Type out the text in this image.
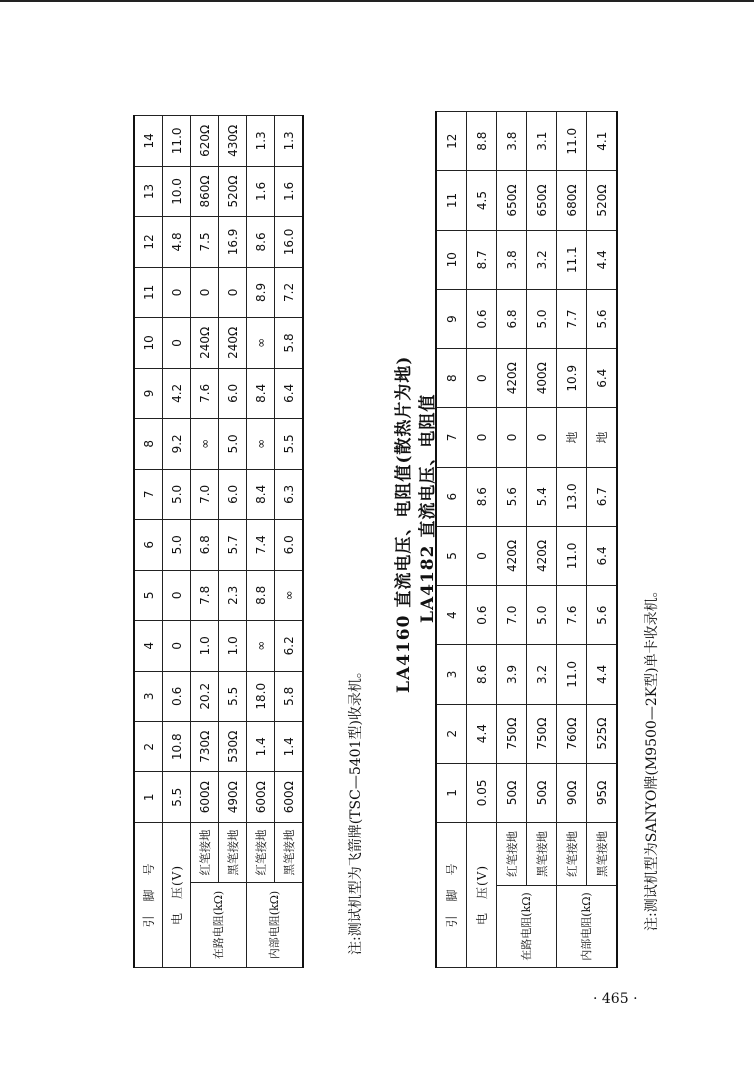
LA4160 直流电压、电阻值(散热片为地)
引　脚　号		1	2	3	4	5	6	7	8	9	10	11	12	13	14
电　压(V)		5.5	10.8	0.6	0	0	5.0	5.0	9.2	4.2	0	0	4.8	10.0	11.0
在路电阻(kΩ)	红笔接地	600Ω	730Ω	20.2	1.0	7.8	6.8	7.0	∞	7.6	240Ω	0	7.5	860Ω	620Ω
	黑笔接地	490Ω	530Ω	5.5	1.0	2.3	5.7	6.0	5.0	6.0	240Ω	0	16.9	520Ω	430Ω
内部电阻(kΩ)	红笔接地	600Ω	1.4	18.0	∞	8.8	7.4	8.4	∞	8.4	∞	8.9	8.6	1.6	1.3
	黑笔接地	600Ω	1.4	5.8	6.2	∞	6.0	6.3	5.5	6.4	5.8	7.2	16.0	1.6	1.3
注:测试机型为飞箭牌(TSC—5401型)收录机。
LA4182 直流电压、电阻值
引　脚　号		1	2	3	4	5	6	7	8	9	10	11	12
电　压(V)		0.05	4.4	8.6	0.6	0	8.6	0	0	0.6	8.7	4.5	8.8
在路电阻(kΩ)	红笔接地	50Ω	750Ω	3.9	7.0	420Ω	5.6	0	420Ω	6.8	3.8	650Ω	3.8
	黑笔接地	50Ω	750Ω	3.2	5.0	420Ω	5.4	0	400Ω	5.0	3.2	650Ω	3.1
内部电阻(kΩ)	红笔接地	90Ω	760Ω	11.0	7.6	11.0	13.0	地	10.9	7.7	11.1	680Ω	11.0
	黑笔接地	95Ω	525Ω	4.4	5.6	6.4	6.7	地	6.4	5.6	4.4	520Ω	4.1
注:测试机型为SANYO牌(M9500—2K型)单卡收录机。
· 465 ·
